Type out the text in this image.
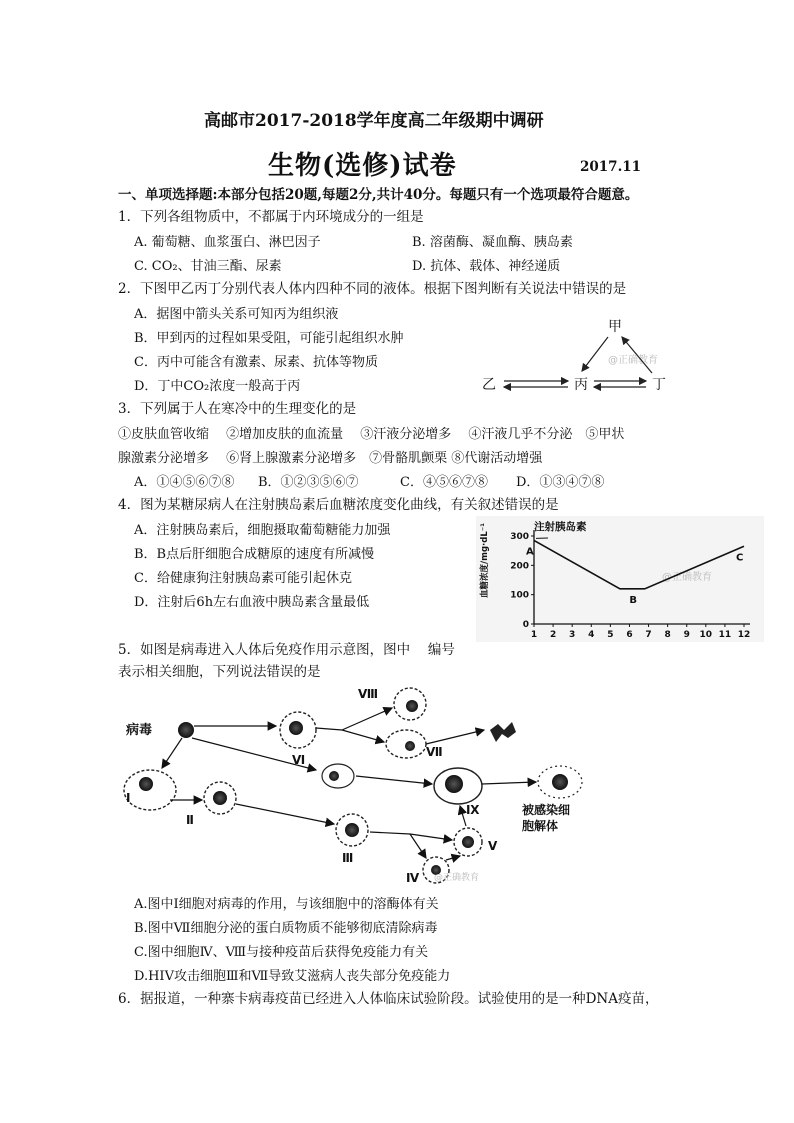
高邮市2017-2018学年度高二年级期中调研
生物(选修)试卷	2017.11
一、单项选择题:本部分包括20题,每题2分,共计40分。每题只有一个选项最符合题意。
1．下列各组物质中，不都属于内环境成分的一组是
A. 葡萄糖、血浆蛋白、淋巴因子	B. 溶菌酶、凝血酶、胰岛素
C. CO₂、甘油三酯、尿素	D. 抗体、载体、神经递质
2．下图甲乙丙丁分别代表人体内四种不同的液体。根据下图判断有关说法中错误的是
A．据图中箭头关系可知丙为组织液
B．甲到丙的过程如果受阻，可能引起组织水肿
C．丙中可能含有激素、尿素、抗体等物质
D．丁中CO₂浓度一般高于丙
甲
乙	丙	丁
@正确教育
3．下列属于人在寒冷中的生理变化的是
①皮肤血管收缩　 ②增加皮肤的血流量　 ③汗液分泌增多　 ④汗液几乎不分泌　⑤甲状
腺激素分泌增多　 ⑥肾上腺激素分泌增多　⑦骨骼肌颤栗 ⑧代谢活动增强
A．①④⑤⑥⑦⑧ B．①②③⑤⑥⑦	C．④⑤⑥⑦⑧ D．①③④⑦⑧
4．图为某糖尿病人在注射胰岛素后血糖浓度变化曲线，有关叙述错误的是
A．注射胰岛素后，细胞摄取葡萄糖能力加强
B．B点后肝细胞合成糖原的速度有所减慢
C．给健康狗注射胰岛素可能引起休克
D．注射后6h左右血液中胰岛素含量最低
注射胰岛素
血糖浓度/mg·dL⁻¹	@正确教育
1 2 3 4 5 6 7 8 9 10 11 12
0
100
200
300
A
B
C
5．如图是病毒进入人体后免疫作用示意图，图中　 编号
表示相关细胞，下列说法错误的是
病毒
Ⅰ
Ⅱ
Ⅲ
Ⅳ
Ⅴ
Ⅵ
Ⅷ
Ⅶ
Ⅸ	被感染细
胞解体
@正确教育
A.图中Ⅰ细胞对病毒的作用，与该细胞中的溶酶体有关
B.图中Ⅶ细胞分泌的蛋白质物质不能够彻底清除病毒
C.图中细胞Ⅳ、Ⅷ与接种疫苗后获得免疫能力有关
D.HIV攻击细胞Ⅲ和Ⅶ导致艾滋病人丧失部分免疫能力
6．据报道，一种寨卡病毒疫苗已经进入人体临床试验阶段。试验使用的是一种DNA疫苗，
